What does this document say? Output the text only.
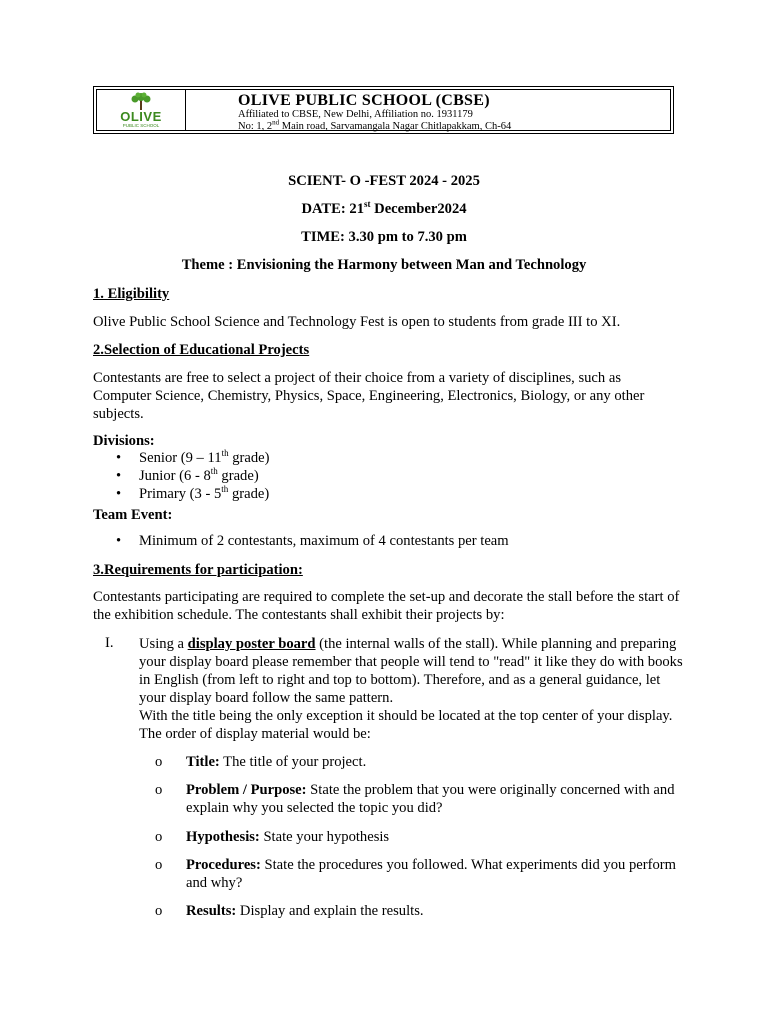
OLIVE
PUBLIC SCHOOL
OLIVE PUBLIC SCHOOL (CBSE)
Affiliated to CBSE, New Delhi, Affiliation no. 1931179
No: 1, 2nd Main road, Sarvamangala Nagar Chitlapakkam, Ch-64
SCIENT- O -FEST 2024 - 2025
DATE: 21st December2024
TIME: 3.30 pm to 7.30 pm
Theme : Envisioning the Harmony between Man and Technology
1. Eligibility
Olive Public School Science and Technology Fest is open to students from grade III to XI.
2.Selection of Educational Projects
Contestants are free to select a project of their choice from a variety of disciplines, such as Computer Science, Chemistry, Physics, Space, Engineering, Electronics, Biology, or any other subjects.
Divisions:
• Senior (9 – 11th grade)
• Junior (6 - 8th grade)
• Primary (3 - 5th grade)
Team Event:
• Minimum of 2 contestants, maximum of 4 contestants per team
3.Requirements for participation:
Contestants participating are required to complete the set-up and decorate the stall before the start of the exhibition schedule. The contestants shall exhibit their projects by:
I. Using a display poster board (the internal walls of the stall). While planning and preparing your display board please remember that people will tend to "read" it like they do with books in English (from left to right and top to bottom). Therefore, and as a general guidance, let your display board follow the same pattern.
With the title being the only exception it should be located at the top center of your display. The order of display material would be:
o Title: The title of your project.
o Problem / Purpose: State the problem that you were originally concerned with and explain why you selected the topic you did?
o Hypothesis: State your hypothesis
o Procedures: State the procedures you followed. What experiments did you perform and why?
o Results: Display and explain the results.
